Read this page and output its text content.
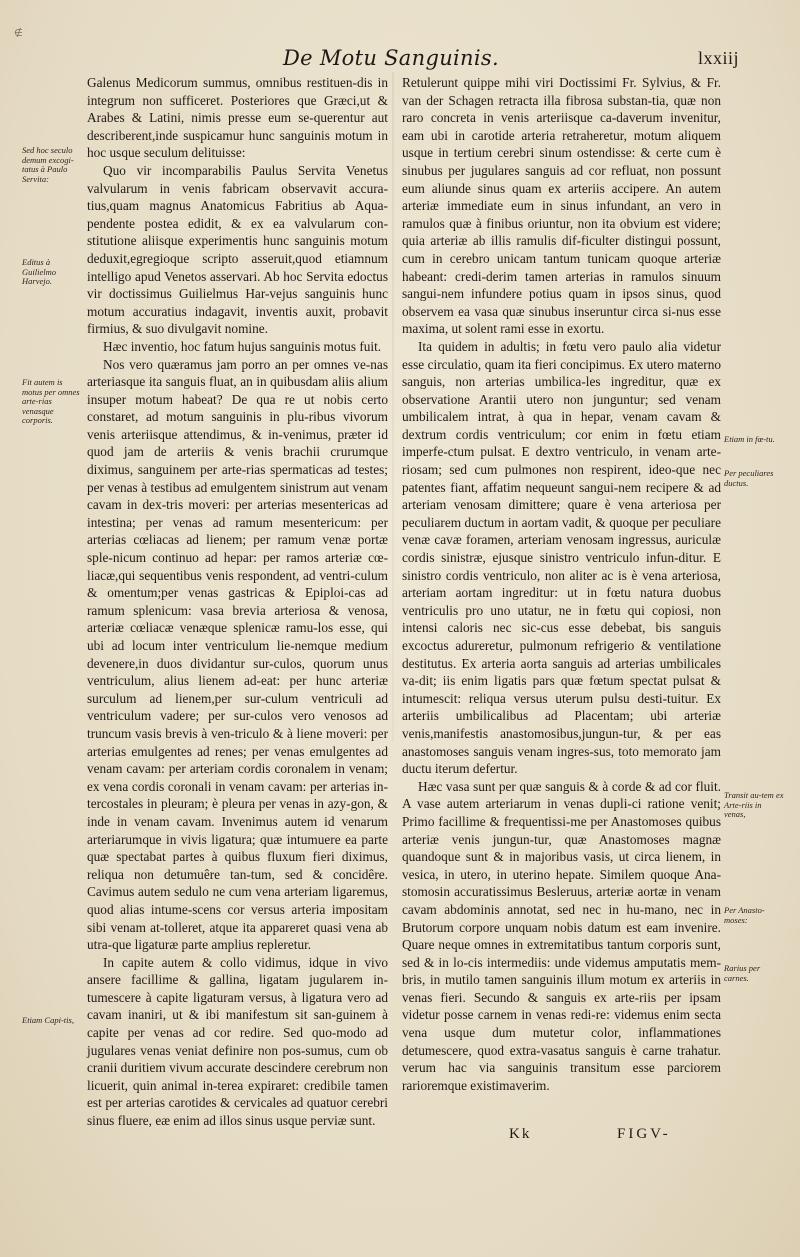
∉
De Motu Sanguinis.	lxxiij

Galenus Medicorum summus, omnibus restituen-dis in integrum non sufficeret. Posteriores que Græci,ut & Arabes & Latini, nimis presse eum se-querentur aut describerent,inde suspicamur hunc sanguinis motum in hoc usque seculum delituisse:

Quo vir incomparabilis Paulus Servita Venetus valvularum in venis fabricam observavit accura-tius,quam magnus Anatomicus Fabritius ab Aqua-pendente postea edidit, & ex ea valvularum con-stitutione aliisque experimentis hunc sanguinis motum deduxit,egregioque scripto asseruit,quod etiamnum intelligo apud Venetos asservari. Ab hoc Servita edoctus vir doctissimus Guilielmus Har-vejus sanguinis hunc motum accuratius indagavit, inventis auxit, probavit firmius, & suo divulgavit nomine.

Hæc inventio, hoc fatum hujus sanguinis motus fuit.

Nos vero quæramus jam porro an per omnes ve-nas arteriasque ita sanguis fluat, an in quibusdam aliis alium insuper motum habeat? De qua re ut nobis certo constaret, ad motum sanguinis in plu-ribus vivorum venis arteriisque attendimus, & in-venimus, præter id quod jam de arteriis & venis brachii crurumque diximus, sanguinem per arte-rias spermaticas ad testes; per venas à testibus ad emulgentem sinistrum aut venam cavam in dex-tris moveri: per arterias mesentericas ad intestina; per venas ad ramum mesentericum: per arterias cœliacas ad lienem; per ramum venæ portæ sple-nicum continuo ad hepar: per ramos arteriæ cœ-liacæ,qui sequentibus venis respondent, ad ventri-culum & omentum;per venas gastricas & Epiploi-cas ad ramum splenicum: vasa brevia arteriosa & venosa, arteriæ cœliacæ venæque splenicæ ramu-los esse, qui ubi ad locum inter ventriculum lie-nemque medium devenere,in duos dividantur sur-culos, quorum unus ventriculum, alius lienem ad-eat: per hunc arteriæ surculum ad lienem,per sur-culum ventriculi ad ventriculum vadere; per sur-culos vero venosos ad truncum vasis brevis à ven-triculo & à liene moveri: per arterias emulgentes ad renes; per venas emulgentes ad venam cavam: per arteriam cordis coronalem in venam; ex vena cordis coronali in venam cavam: per arterias in-tercostales in pleuram; è pleura per venas in azy-gon, & inde in venam cavam. Invenimus autem id venarum arteriarumque in vivis ligatura; quæ intumuere ea parte quæ spectabat partes à quibus fluxum fieri diximus, reliqua non detumuêre tan-tum, sed & concidêre. Cavimus autem sedulo ne cum vena arteriam ligaremus, quod alias intume-scens cor versus arteria impositam sibi venam at-tolleret, atque ita appareret quasi vena ab utra-que ligaturæ parte amplius repleretur.

In capite autem & collo vidimus, idque in vivo ansere facillime & gallina, ligatam jugularem in-tumescere à capite ligaturam versus, à ligatura vero ad cavam inaniri, ut & ibi manifestum sit san-guinem à capite per venas ad cor redire. Sed quo-modo ad jugulares venas veniat definire non pos-sumus, cum ob cranii duritiem vivum accurate descindere cerebrum non licuerit, quin animal in-terea expiraret: credibile tamen est per arterias carotides & cervicales ad quatuor cerebri sinus fluere, eæ enim ad illos sinus usque perviæ sunt.

Retulerunt quippe mihi viri Doctissimi Fr. Sylvius, & Fr. van der Schagen retracta illa fibrosa substan-tia, quæ non raro concreta in venis arteriisque ca-daverum invenitur, eam ubi in carotide arteria retraheretur, motum aliquem usque in tertium cerebri sinum ostendisse: & certe cum è sinubus per jugulares sanguis ad cor refluat, non possunt eum aliunde sinus quam ex arteriis accipere. An autem arteriæ immediate eum in sinus infundant, an vero in ramulos quæ à finibus oriuntur, non ita obvium est videre; quia arteriæ ab illis ramulis dif-ficulter distingui possunt, cum in cerebro unicam tantum tunicam quoque arteriæ habeant: credi-derim tamen arterias in ramulos sinuum sangui-nem infundere potius quam in ipsos sinus, quod observem ea vasa quæ sinubus inseruntur circa si-nus esse maxima, ut solent rami esse in exortu.

Ita quidem in adultis; in fœtu vero paulo alia videtur esse circulatio, quam ita fieri concipimus. Ex utero materno sanguis, non arterias umbilica-les ingreditur, quæ ex observatione Arantii utero non junguntur; sed venam umbilicalem intrat, à qua in hepar, venam cavam & dextrum cordis ventriculum; cor enim in fœtu etiam imperfe-ctum pulsat. E dextro ventriculo, in venam arte-riosam; sed cum pulmones non respirent, ideo-que nec patentes fiant, affatim nequeunt sangui-nem recipere & ad arteriam venosam dimittere; quare è vena arteriosa per peculiarem ductum in aortam vadit, & quoque per peculiare venæ cavæ foramen, arteriam venosam ingressus, auriculæ cordis sinistræ, ejusque sinistro ventriculo infun-ditur. E sinistro cordis ventriculo, non aliter ac is è vena arteriosa, arteriam aortam ingreditur: ut in fœtu natura duobus ventriculis pro uno utatur, ne in fœtu qui copiosi, non intensi caloris nec sic-cus esse debebat, bis sanguis excoctus adureretur, pulmonum refrigerio & ventilatione destitutus. Ex arteria aorta sanguis ad arterias umbilicales va-dit; iis enim ligatis pars quæ fœtum spectat pulsat & intumescit: reliqua versus uterum pulsu desti-tuitur. Ex arteriis umbilicalibus ad Placentam; ubi arteriæ venis,manifestis anastomosibus,jungun-tur, & per eas anastomoses sanguis venam ingres-sus, toto memorato jam ductu iterum defertur.

Hæc vasa sunt per quæ sanguis & à corde & ad cor fluit. A vase autem arteriarum in venas dupli-ci ratione venit; Primo facillime & frequentissi-me per Anastomoses quibus arteriæ venis jungun-tur, quæ Anastomoses magnæ quandoque sunt & in majoribus vasis, ut circa lienem, in vesica, in utero, in uterino hepate. Similem quoque Ana-stomosin accuratissimus Besleruus, arteriæ aortæ in venam cavam abdominis annotat, sed nec in hu-mano, nec in Brutorum corpore unquam nobis datum est eam invenire. Quare neque omnes in extremitatibus tantum corporis sunt, sed & in lo-cis intermediis: unde videmus amputatis mem-bris, in mutilo tamen sanguinis illum motum ex arteriis in venas fieri. Secundo & sanguis ex arte-riis per ipsam videtur posse carnem in venas redi-re: videmus enim secta vena usque dum mutetur color, inflammationes detumescere, quod extra-vasatus sanguis è carne trahatur. verum hac via sanguinis transitum esse parciorem rarioremque existimaverim.

Sed hoc seculo demum excogi-tatus à Paulo Servita:
Editus à Guilielmo Harvejo.
Fit autem is motus per omnes arte-rias venasque corporis.
Etiam Capi-tis,
Etiam in fœ-tu.
Per peculiares ductus.
Transit au-tem ex Arte-riis in venas,
Per Anasto-moses:
Rarius per carnes.
Kk	FIGV-
